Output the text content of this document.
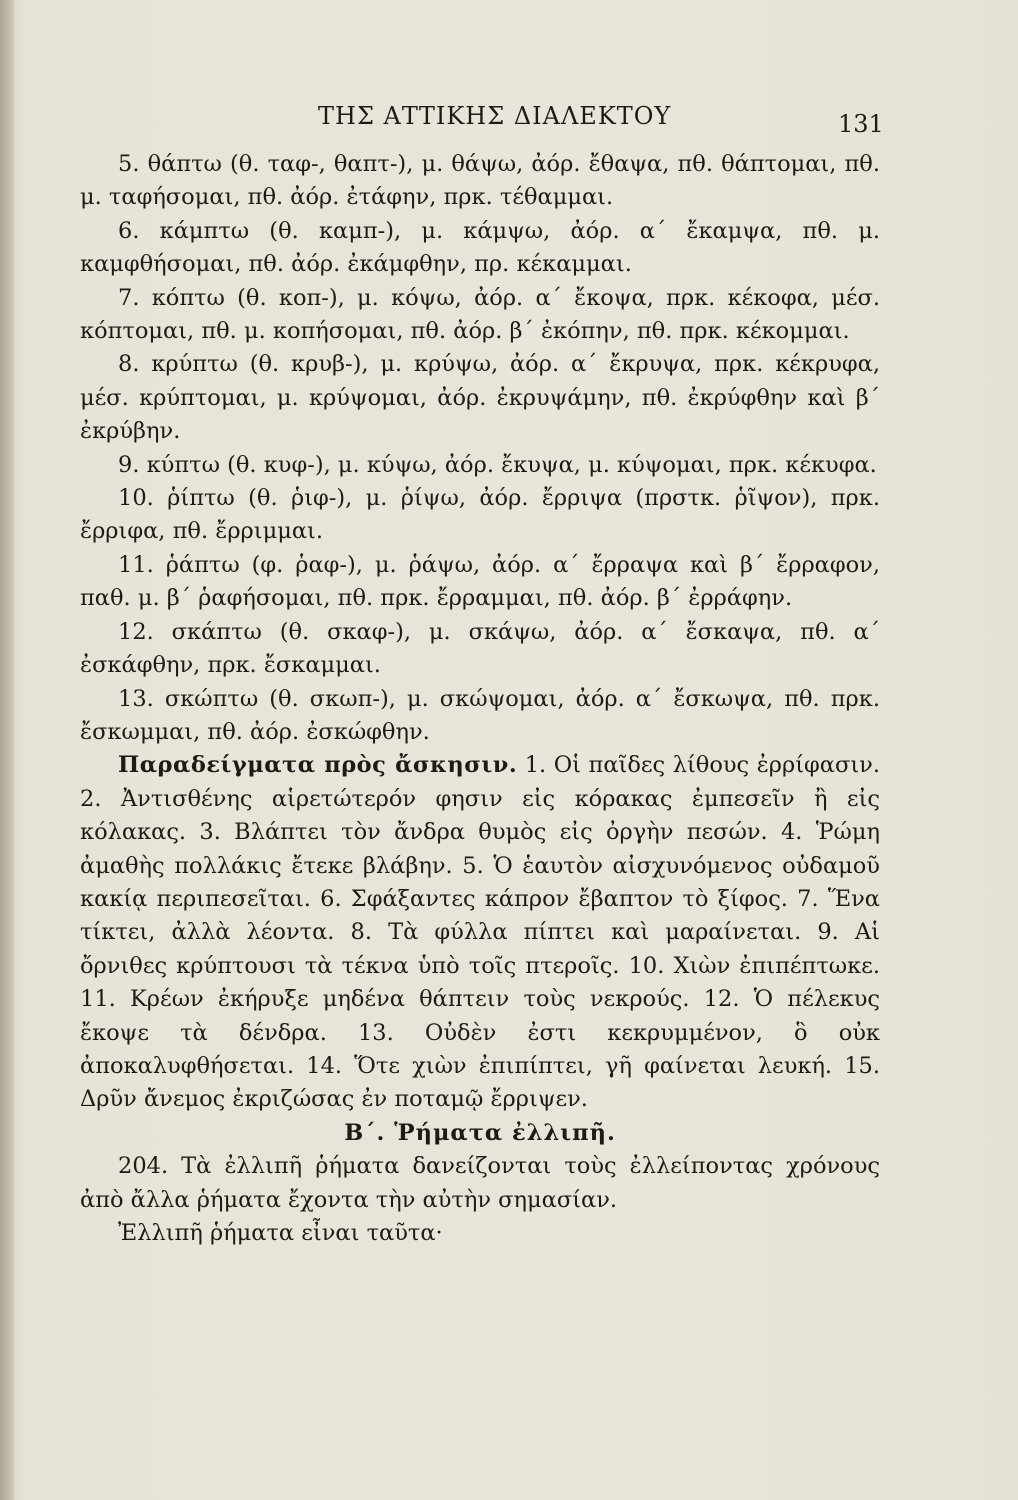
ΤΗΣ ΑΤΤΙΚΗΣ ΔΙΑΛΕΚΤΟΥ	131

5. θάπτω (θ. ταφ-, θαπτ-), μ. θάψω, ἀόρ. ἔθαψα, πθ. θάπτομαι, πθ. μ. ταφήσομαι, πθ. ἀόρ. ἐτάφην, πρκ. τέθαμμαι.

6. κάμπτω (θ. καμπ-), μ. κάμψω, ἀόρ. α΄ ἔκαμψα, πθ. μ. καμφθήσομαι, πθ. ἀόρ. ἐκάμφθην, πρ. κέκαμμαι.

7. κόπτω (θ. κοπ-), μ. κόψω, ἀόρ. α΄ ἔκοψα, πρκ. κέκοφα, μέσ. κόπτομαι, πθ. μ. κοπήσομαι, πθ. ἀόρ. β΄ ἐκόπην, πθ. πρκ. κέκομμαι.

8. κρύπτω (θ. κρυβ-), μ. κρύψω, ἀόρ. α΄ ἔκρυψα, πρκ. κέκρυφα, μέσ. κρύπτομαι, μ. κρύψομαι, ἀόρ. ἐκρυψάμην, πθ. ἐκρύφθην καὶ β΄ ἐκρύβην.

9. κύπτω (θ. κυφ-), μ. κύψω, ἀόρ. ἔκυψα, μ. κύψομαι, πρκ. κέκυφα.

10. ῥίπτω (θ. ῥιφ-), μ. ῥίψω, ἀόρ. ἔρριψα (πρστκ. ῥῖψον), πρκ. ἔρριφα, πθ. ἔρριμμαι.

11. ῥάπτω (φ. ῥαφ-), μ. ῥάψω, ἀόρ. α΄ ἔρραψα καὶ β΄ ἔρραφον, παθ. μ. β΄ ῥαφήσομαι, πθ. πρκ. ἔρραμμαι, πθ. ἀόρ. β΄ ἐρράφην.

12. σκάπτω (θ. σκαφ-), μ. σκάψω, ἀόρ. α΄ ἔσκαψα, πθ. α΄ ἐσκάφθην, πρκ. ἔσκαμμαι.

13. σκώπτω (θ. σκωπ-), μ. σκώψομαι, ἀόρ. α΄ ἔσκωψα, πθ. πρκ. ἔσκωμμαι, πθ. ἀόρ. ἐσκώφθην.

Παραδείγματα πρὸς ἄσκησιν. 1. Οἱ παῖδες λίθους ἐρρίφασιν. 2. Ἀντισθένης αἱρετώτερόν φησιν εἰς κόρακας ἐμπεσεῖν ἢ εἰς κόλακας. 3. Βλάπτει τὸν ἄνδρα θυμὸς εἰς ὀργὴν πεσών. 4. Ῥώμη ἀμαθὴς πολλάκις ἔτεκε βλάβην. 5. Ὁ ἑαυτὸν αἰσχυνόμενος οὐδαμοῦ κακίᾳ περιπεσεῖται. 6. Σφάξαντες κάπρον ἔβαπτον τὸ ξίφος. 7. Ἕνα τίκτει, ἀλλὰ λέοντα. 8. Τὰ φύλλα πίπτει καὶ μαραίνεται. 9. Αἱ ὄρνιθες κρύπτουσι τὰ τέκνα ὑπὸ τοῖς πτεροῖς. 10. Χιὼν ἐπιπέπτωκε. 11. Κρέων ἐκήρυξε μηδένα θάπτειν τοὺς νεκρούς. 12. Ὁ πέλεκυς ἔκοψε τὰ δένδρα. 13. Οὐδὲν ἐστι κεκρυμμένον, ὃ οὐκ ἀποκαλυφθήσεται. 14. Ὅτε χιὼν ἐπιπίπτει, γῆ φαίνεται λευκή. 15. Δρῦν ἄνεμος ἐκριζώσας ἐν ποταμῷ ἔρριψεν.

Β΄. Ῥήματα ἐλλιπῆ.

204. Τὰ ἐλλιπῆ ῥήματα δανείζονται τοὺς ἐλλείποντας χρόνους ἀπὸ ἄλλα ῥήματα ἔχοντα τὴν αὐτὴν σημασίαν.

Ἐλλιπῆ ῥήματα εἶναι ταῦτα·
